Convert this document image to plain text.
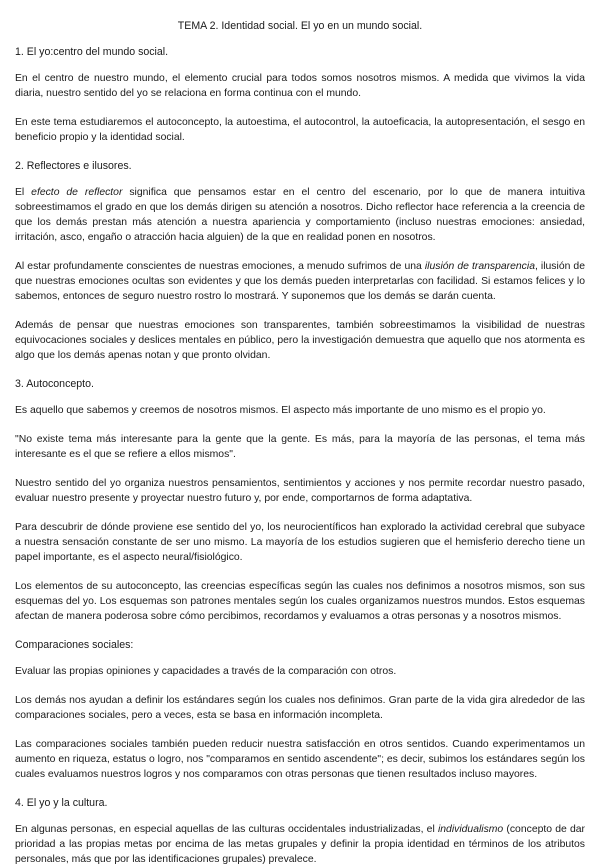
TEMA 2. Identidad social. El yo en un mundo social.
1. El yo:centro del mundo social.

En el centro de nuestro mundo, el elemento crucial para todos somos nosotros mismos. A medida que vivimos la vida diaria, nuestro sentido del yo se relaciona en forma continua con el mundo.

En este tema estudiaremos el autoconcepto, la autoestima, el autocontrol, la autoeficacia, la autopresentación, el sesgo en beneficio propio y la identidad social.

2. Reflectores e ilusores.

El efecto de reflector significa que pensamos estar en el centro del escenario, por lo que de manera intuitiva sobreestimamos el grado en que los demás dirigen su atención a nosotros. Dicho reflector hace referencia a la creencia de que los demás prestan más atención a nuestra apariencia y comportamiento (incluso nuestras emociones: ansiedad, irritación, asco, engaño o atracción hacia alguien) de la que en realidad ponen en nosotros.

Al estar profundamente conscientes de nuestras emociones, a menudo sufrimos de una ilusión de transparencia, ilusión de que nuestras emociones ocultas son evidentes y que los demás pueden interpretarlas con facilidad. Si estamos felices y lo sabemos, entonces de seguro nuestro rostro lo mostrará. Y suponemos que los demás se darán cuenta.

Además de pensar que nuestras emociones son transparentes, también sobreestimamos la visibilidad de nuestras equivocaciones sociales y deslices mentales en público, pero la investigación demuestra que aquello que nos atormenta es algo que los demás apenas notan y que pronto olvidan.

3. Autoconcepto.

Es aquello que sabemos y creemos de nosotros mismos. El aspecto más importante de uno mismo es el propio yo.

"No existe tema más interesante para la gente que la gente. Es más, para la mayoría de las personas, el tema más interesante es el que se refiere a ellos mismos".

Nuestro sentido del yo organiza nuestros pensamientos, sentimientos y acciones y nos permite recordar nuestro pasado, evaluar nuestro presente y proyectar nuestro futuro y, por ende, comportarnos de forma adaptativa.

Para descubrir de dónde proviene ese sentido del yo, los neurocientíficos han explorado la actividad cerebral que subyace a nuestra sensación constante de ser uno mismo. La mayoría de los estudios sugieren que el hemisferio derecho tiene un papel importante, es el aspecto neural/fisiológico.

Los elementos de su autoconcepto, las creencias específicas según las cuales nos definimos a nosotros mismos, son sus esquemas del yo. Los esquemas son patrones mentales según los cuales organizamos nuestros mundos. Estos esquemas afectan de manera poderosa sobre cómo percibimos, recordamos y evaluamos a otras personas y a nosotros mismos.

Comparaciones sociales:

Evaluar las propias opiniones y capacidades a través de la comparación con otros.

Los demás nos ayudan a definir los estándares según los cuales nos definimos. Gran parte de la vida gira alrededor de las comparaciones sociales, pero a veces, esta se basa en información incompleta.

Las comparaciones sociales también pueden reducir nuestra satisfacción en otros sentidos. Cuando experimentamos un aumento en riqueza, estatus o logro, nos "comparamos en sentido ascendente"; es decir, subimos los estándares según los cuales evaluamos nuestros logros y nos comparamos con otras personas que tienen resultados incluso mayores.

4. El yo y la cultura.

En algunas personas, en especial aquellas de las culturas occidentales industrializadas, el individualismo (concepto de dar prioridad a las propias metas por encima de las metas grupales y definir la propia identidad en términos de los atributos personales, más que por las identificaciones grupales) prevalece.
